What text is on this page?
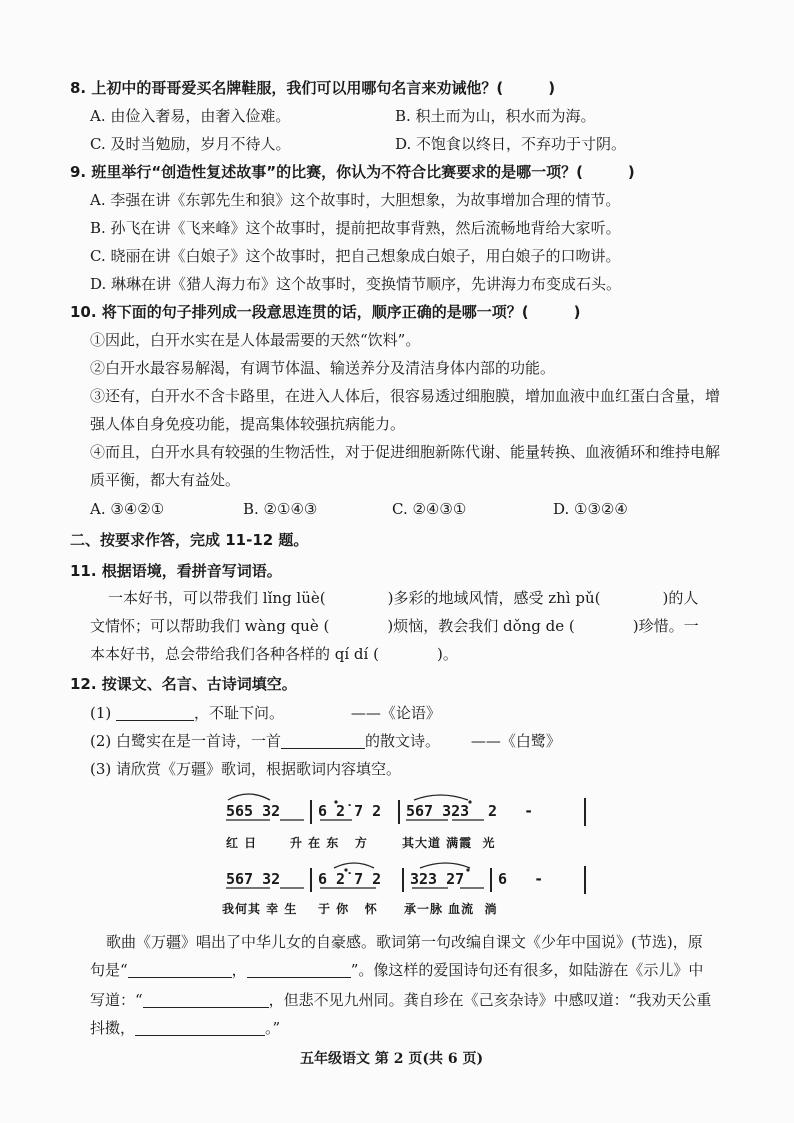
8. 上初中的哥哥爱买名牌鞋服，我们可以用哪句名言来劝诫他？(　　　)
A. 由俭入奢易，由奢入俭难。	B. 积土而为山，积水而为海。
C. 及时当勉励，岁月不待人。	D. 不饱食以终日，不弃功于寸阴。
9. 班里举行“创造性复述故事”的比赛，你认为不符合比赛要求的是哪一项？(　　　)
A. 李强在讲《东郭先生和狼》这个故事时，大胆想象，为故事增加合理的情节。
B. 孙飞在讲《飞来峰》这个故事时，提前把故事背熟，然后流畅地背给大家听。
C. 晓丽在讲《白娘子》这个故事时，把自己想象成白娘子，用白娘子的口吻讲。
D. 琳琳在讲《猎人海力布》这个故事时，变换情节顺序，先讲海力布变成石头。
10. 将下面的句子排列成一段意思连贯的话，顺序正确的是哪一项？(　　　)
①因此，白开水实在是人体最需要的天然“饮料”。
②白开水最容易解渴，有调节体温、输送养分及清洁身体内部的功能。
③还有，白开水不含卡路里，在进入人体后，很容易透过细胞膜，增加血液中血红蛋白含量，增
强人体自身免疫功能，提高集体较强抗病能力。
④而且，白开水具有较强的生物活性，对于促进细胞新陈代谢、能量转换、血液循环和维持电解
质平衡，都大有益处。
A. ③④②①	B. ②①④③	C. ②④③①	D. ①③②④
二、按要求作答，完成 11-12 题。
11. 根据语境，看拼音写词语。
一本好书，可以带我们 lǐng lüè(	)多彩的地域风情，感受 zhì pǔ(	)的人
文情怀；可以帮助我们 wàng què (	)烦恼，教会我们 dǒng de (	)珍惜。一
本本好书，总会带给我们各种各样的 qí dí (	)。
12. 按课文、名言、古诗词填空。
(1)	，不耻下问。	——《论语》
(2) 白鹭实在是一首诗，一首	的散文诗。 ——《白鹭》
(3) 请欣赏《万疆》歌词，根据歌词内容填空。
565 32	6 2̇ 7 2 567 323 2   -
红 日	升 在 东   方	其大道 满霞  光
567 32	6 2̇ 7 2 323 27 6   -
我何其 幸 生 于 你   怀 承一脉 血流  淌
歌曲《万疆》唱出了中华儿女的自豪感。歌词第一句改编自课文《少年中国说》(节选)，原
句是“	，	”。像这样的爱国诗句还有很多，如陆游在《示儿》中
写道：“	，但悲不见九州同。龚自珍在《己亥杂诗》中感叹道：“我劝天公重
抖擞，	。”
五年级语文 第 2 页(共 6 页)
